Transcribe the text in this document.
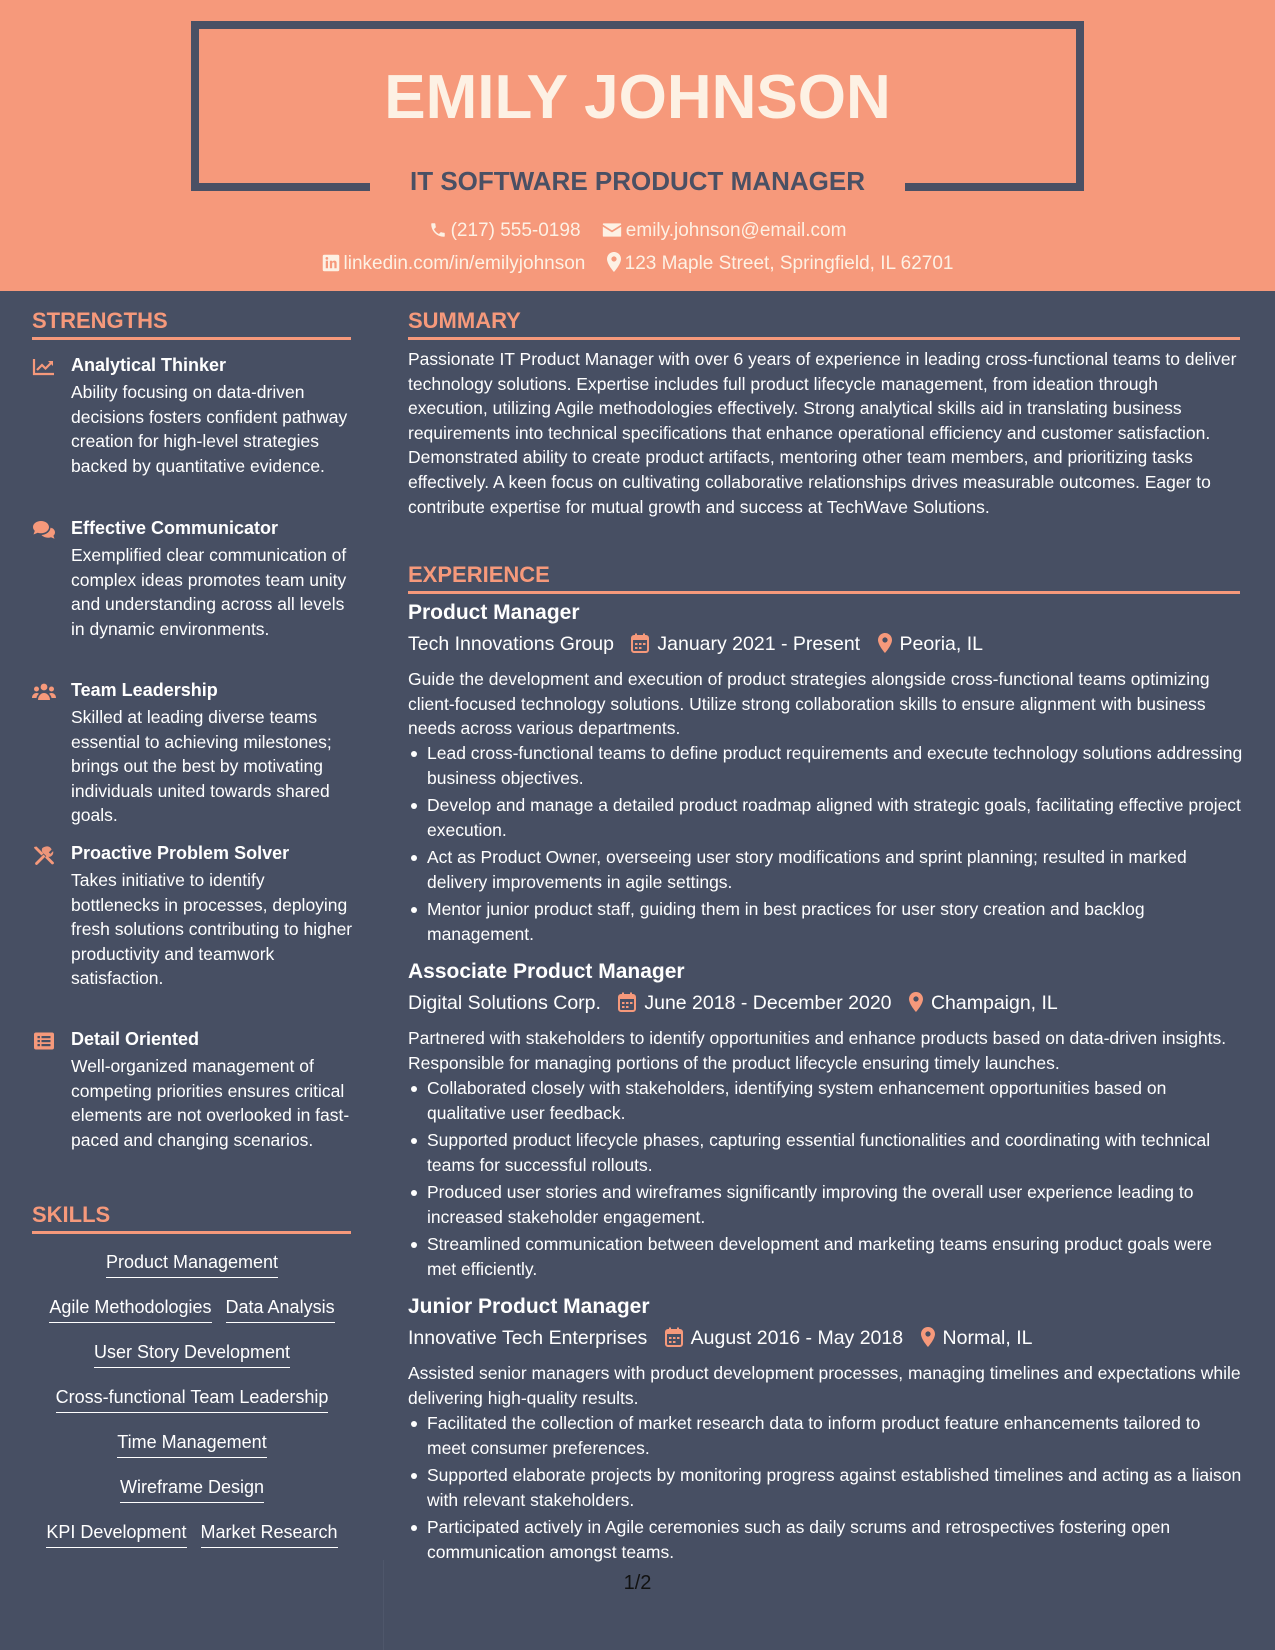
EMILY JOHNSON
IT SOFTWARE PRODUCT MANAGER
(217) 555-0198 emily.johnson@email.com
linkedin.com/in/emilyjohnson 123 Maple Street, Springfield, IL 62701
STRENGTHS
Analytical Thinker
Ability focusing on data-driven decisions fosters confident pathway creation for high-level strategies backed by quantitative evidence.
Effective Communicator
Exemplified clear communication of complex ideas promotes team unity and understanding across all levels in dynamic environments.
Team Leadership
Skilled at leading diverse teams essential to achieving milestones; brings out the best by motivating individuals united towards shared goals.
Proactive Problem Solver
Takes initiative to identify bottlenecks in processes, deploying fresh solutions contributing to higher productivity and teamwork satisfaction.
Detail Oriented
Well-organized management of competing priorities ensures critical elements are not overlooked in fast-paced and changing scenarios.
SKILLS
Product Management
Agile Methodologies Data Analysis
User Story Development
Cross-functional Team Leadership
Time Management
Wireframe Design
KPI Development Market Research
SUMMARY
Passionate IT Product Manager with over 6 years of experience in leading cross-functional teams to deliver technology solutions. Expertise includes full product lifecycle management, from ideation through execution, utilizing Agile methodologies effectively. Strong analytical skills aid in translating business requirements into technical specifications that enhance operational efficiency and customer satisfaction. Demonstrated ability to create product artifacts, mentoring other team members, and prioritizing tasks effectively. A keen focus on cultivating collaborative relationships drives measurable outcomes. Eager to contribute expertise for mutual growth and success at TechWave Solutions.
EXPERIENCE
Product Manager
Tech Innovations Group January 2021 - Present Peoria, IL
Guide the development and execution of product strategies alongside cross-functional teams optimizing client-focused technology solutions. Utilize strong collaboration skills to ensure alignment with business needs across various departments.
Lead cross-functional teams to define product requirements and execute technology solutions addressing business objectives.
Develop and manage a detailed product roadmap aligned with strategic goals, facilitating effective project execution.
Act as Product Owner, overseeing user story modifications and sprint planning; resulted in marked delivery improvements in agile settings.
Mentor junior product staff, guiding them in best practices for user story creation and backlog management.
Associate Product Manager
Digital Solutions Corp. June 2018 - December 2020 Champaign, IL
Partnered with stakeholders to identify opportunities and enhance products based on data-driven insights. Responsible for managing portions of the product lifecycle ensuring timely launches.
Collaborated closely with stakeholders, identifying system enhancement opportunities based on qualitative user feedback.
Supported product lifecycle phases, capturing essential functionalities and coordinating with technical teams for successful rollouts.
Produced user stories and wireframes significantly improving the overall user experience leading to increased stakeholder engagement.
Streamlined communication between development and marketing teams ensuring product goals were met efficiently.
Junior Product Manager
Innovative Tech Enterprises August 2016 - May 2018 Normal, IL
Assisted senior managers with product development processes, managing timelines and expectations while delivering high-quality results.
Facilitated the collection of market research data to inform product feature enhancements tailored to meet consumer preferences.
Supported elaborate projects by monitoring progress against established timelines and acting as a liaison with relevant stakeholders.
Participated actively in Agile ceremonies such as daily scrums and retrospectives fostering open communication amongst teams.
1/2
